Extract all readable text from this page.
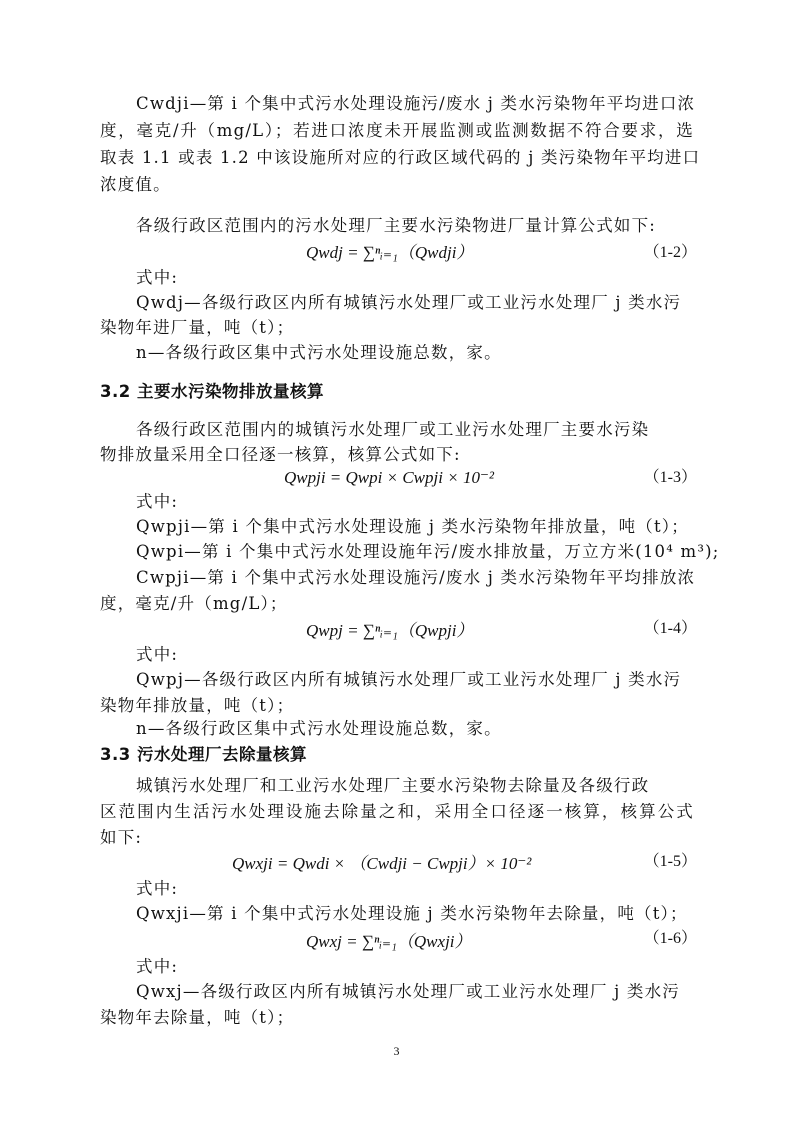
Cwdji—第 i 个集中式污水处理设施污/废水 j 类水污染物年平均进口浓
度，毫克/升（mg/L）；若进口浓度未开展监测或监测数据不符合要求，选
取表 1.1 或表 1.2 中该设施所对应的行政区域代码的 j 类污染物年平均进口
浓度值。
各级行政区范围内的污水处理厂主要水污染物进厂量计算公式如下:
Qwdj = ∑ⁿᵢ₌₁（Qwdji）	（1-2）
式中:
Qwdj—各级行政区内所有城镇污水处理厂或工业污水处理厂 j 类水污
染物年进厂量，吨（t）；
n—各级行政区集中式污水处理设施总数，家。
3.2 主要水污染物排放量核算
各级行政区范围内的城镇污水处理厂或工业污水处理厂主要水污染
物排放量采用全口径逐一核算，核算公式如下:
Qwpji = Qwpi × Cwpji × 10⁻²	（1-3）
式中:
Qwpji—第 i 个集中式污水处理设施 j 类水污染物年排放量，吨（t）；
Qwpi—第 i 个集中式污水处理设施年污/废水排放量，万立方米(10⁴ m³);
Cwpji—第 i 个集中式污水处理设施污/废水 j 类水污染物年平均排放浓
度，毫克/升（mg/L）；
Qwpj = ∑ⁿᵢ₌₁（Qwpji）	（1-4）
式中:
Qwpj—各级行政区内所有城镇污水处理厂或工业污水处理厂 j 类水污
染物年排放量，吨（t）；
n—各级行政区集中式污水处理设施总数，家。
3.3 污水处理厂去除量核算
城镇污水处理厂和工业污水处理厂主要水污染物去除量及各级行政
区范围内生活污水处理设施去除量之和，采用全口径逐一核算，核算公式
如下:
Qwxji = Qwdi × （Cwdji − Cwpji）× 10⁻²	（1-5）
式中:
Qwxji—第 i 个集中式污水处理设施 j 类水污染物年去除量，吨（t）；
Qwxj = ∑ⁿᵢ₌₁（Qwxji）	（1-6）
式中:
Qwxj—各级行政区内所有城镇污水处理厂或工业污水处理厂 j 类水污
染物年去除量，吨（t）；
3
